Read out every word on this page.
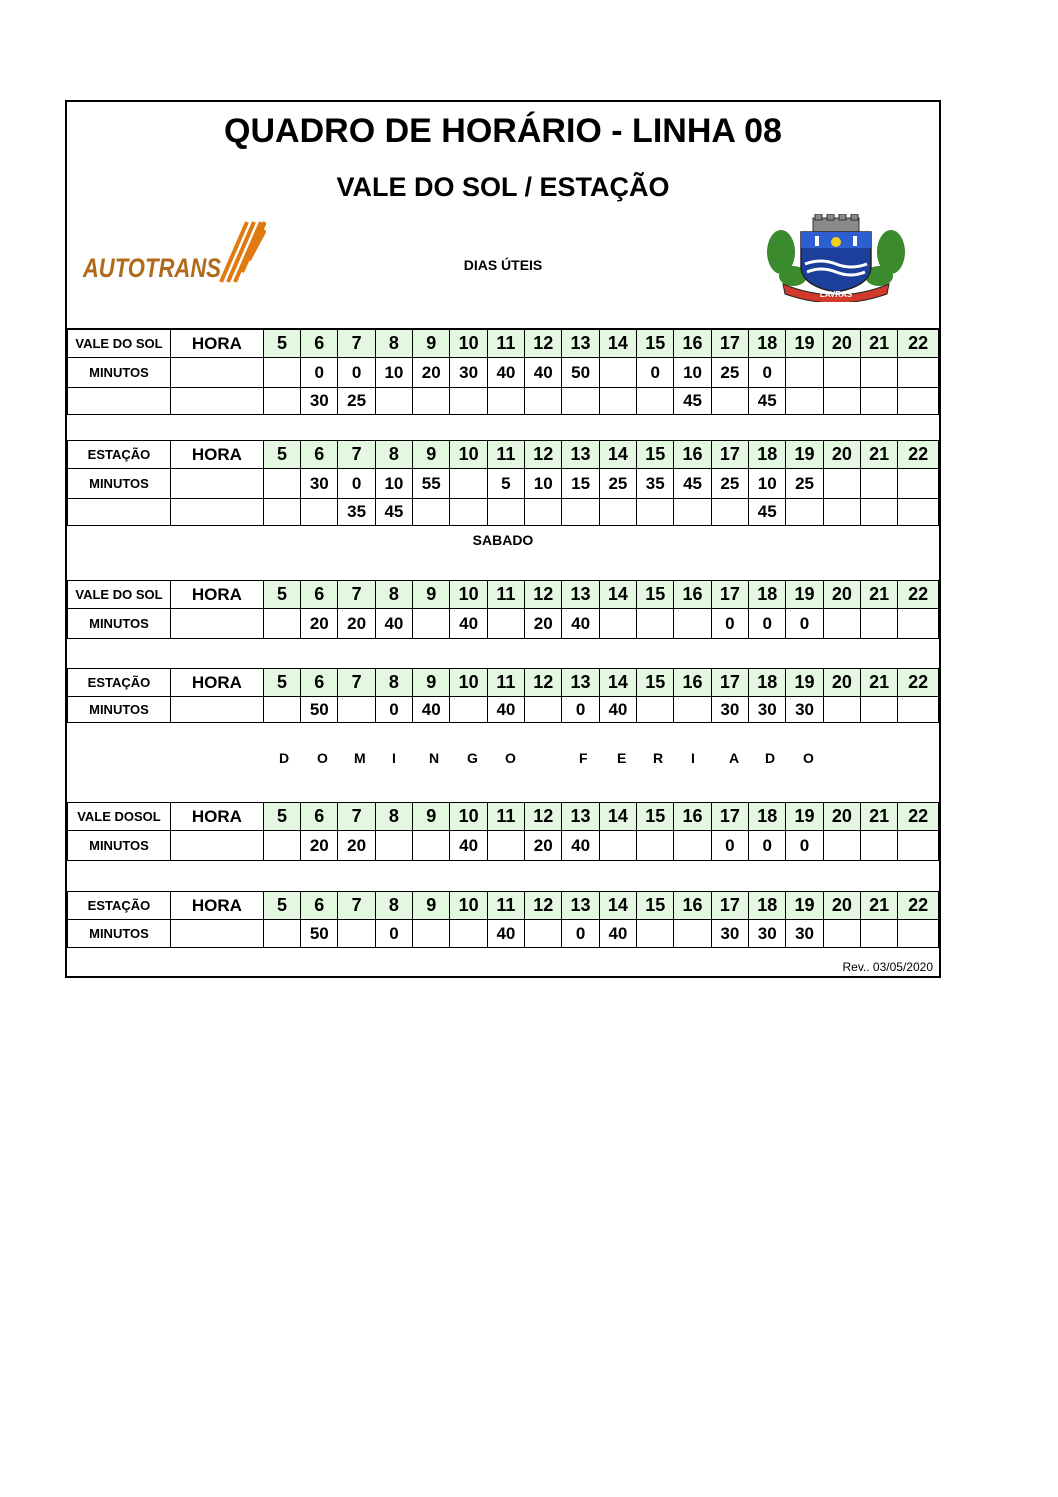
QUADRO DE HORÁRIO - LINHA 08
VALE DO SOL / ESTAÇÃO
AUTOTRANS
LAVRAS
DIAS ÚTEIS
VALE DO SOL	HORA	5	6	7	8	9	10	11	12	13	14	15	16	17	18	19	20	21	22
MINUTOS			0	0	10	20	30	40	40	50		0	10	25	0				
			30	25									45		45				
ESTAÇÃO	HORA	5	6	7	8	9	10	11	12	13	14	15	16	17	18	19	20	21	22
MINUTOS			30	0	10	55		5	10	15	25	35	45	25	10	25			
				35	45										45				
VALE DO SOL	HORA	5	6	7	8	9	10	11	12	13	14	15	16	17	18	19	20	21	22
MINUTOS			20	20	40		40		20	40				0	0	0			
ESTAÇÃO	HORA	5	6	7	8	9	10	11	12	13	14	15	16	17	18	19	20	21	22
MINUTOS			50		0	40		40		0	40			30	30	30			
VALE DOSOL	HORA	5	6	7	8	9	10	11	12	13	14	15	16	17	18	19	20	21	22
MINUTOS			20	20			40		20	40				0	0	0			
ESTAÇÃO	HORA	5	6	7	8	9	10	11	12	13	14	15	16	17	18	19	20	21	22
MINUTOS			50		0			40		0	40			30	30	30			
SABADO
D O M I N G O	F E R I A D O
Rev.. 03/05/2020
